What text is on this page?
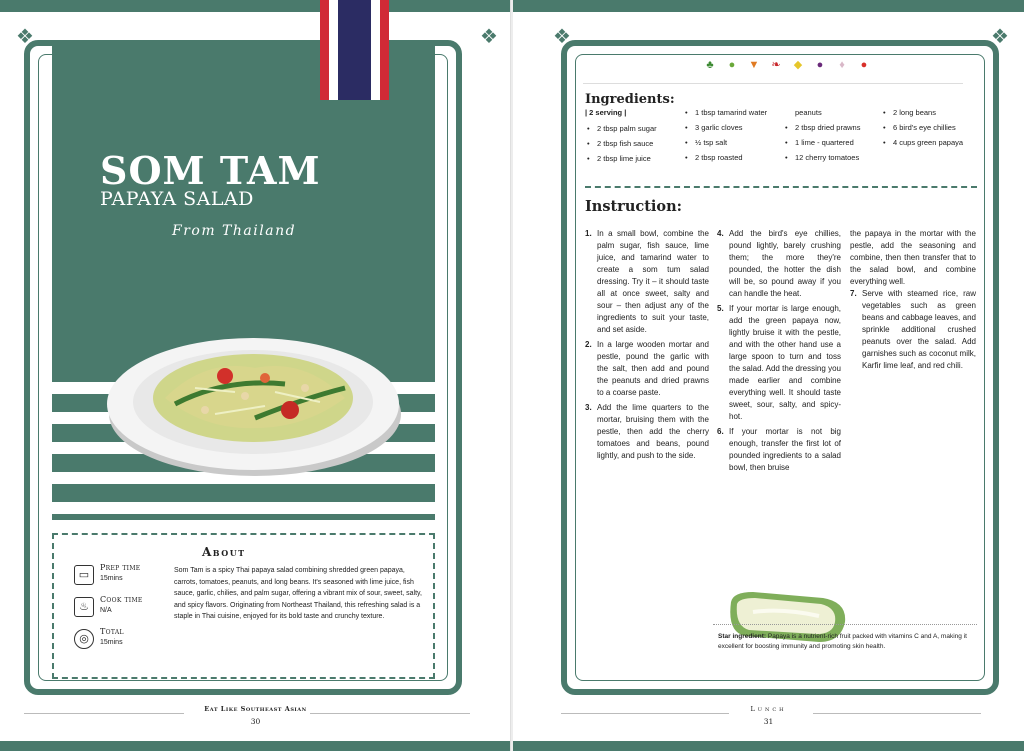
❖	❖
SOM TAM
PAPAYA SALAD
From Thailand
About
Som Tam is a spicy Thai papaya salad combining shredded green papaya, carrots, tomatoes, peanuts, and long beans. It's seasoned with lime juice, fish sauce, garlic, chilies, and palm sugar, offering a vibrant mix of sour, sweet, salty, and spicy flavors. Originating from Northeast Thailand, this refreshing salad is a staple in Thai cuisine, enjoyed for its bold taste and crunchy texture.
▭
Prep time
15mins
♨
Cook time
N/A
◎
Total
15mins
Eat Like Southeast Asian
30
❖	❖
♣	●	▼ ❧ ◆	●	♦	●
Ingredients:
| 2 serving |
• 2 tbsp palm sugar
• 2 tbsp fish sauce
• 2 tbsp lime juice
• 1 tbsp tamarind water
• 3 garlic cloves
• ½ tsp salt
• 2 tbsp roasted
peanuts
• 2 tbsp dried prawns
• 1 lime - quartered
• 12 cherry tomatoes
• 2 long beans
• 6 bird's eye chillies
• 4 cups green papaya
Instruction:
1. In a small bowl, combine the palm sugar, fish sauce, lime juice, and tamarind water to create a som tum salad dressing. Try it – it should taste all at once sweet, salty and sour – then adjust any of the ingredients to suit your taste, and set aside.
2. In a large wooden mortar and pestle, pound the garlic with the salt, then add and pound the peanuts and dried prawns to a coarse paste.
3. Add the lime quarters to the mortar, bruising them with the pestle, then add the cherry tomatoes and beans, pound lightly, and push to the side.
4. Add the bird's eye chillies, pound lightly, barely crushing them; the more they're pounded, the hotter the dish will be, so pound away if you can handle the heat.
5. If your mortar is large enough, add the green papaya now, lightly bruise it with the pestle, and with the other hand use a large spoon to turn and toss the salad. Add the dressing you made earlier and combine everything well. It should taste sweet, sour, salty, and spicy-hot.
6. If your mortar is not big enough, transfer the first lot of pounded ingredients to a salad bowl, then bruise
the papaya in the mortar with the pestle, add the seasoning and combine, then then transfer that to the salad bowl, and combine everything well.
7. Serve with steamed rice, raw vegetables such as green beans and cabbage leaves, and sprinkle additional crushed peanuts over the salad. Add garnishes such as coconut milk, Karfir lime leaf, and red chili.
Star ingredient: Papaya is a nutrient-rich fruit packed with vitamins C and A, making it excellent for boosting immunity and promoting skin health.
Lunch
31
